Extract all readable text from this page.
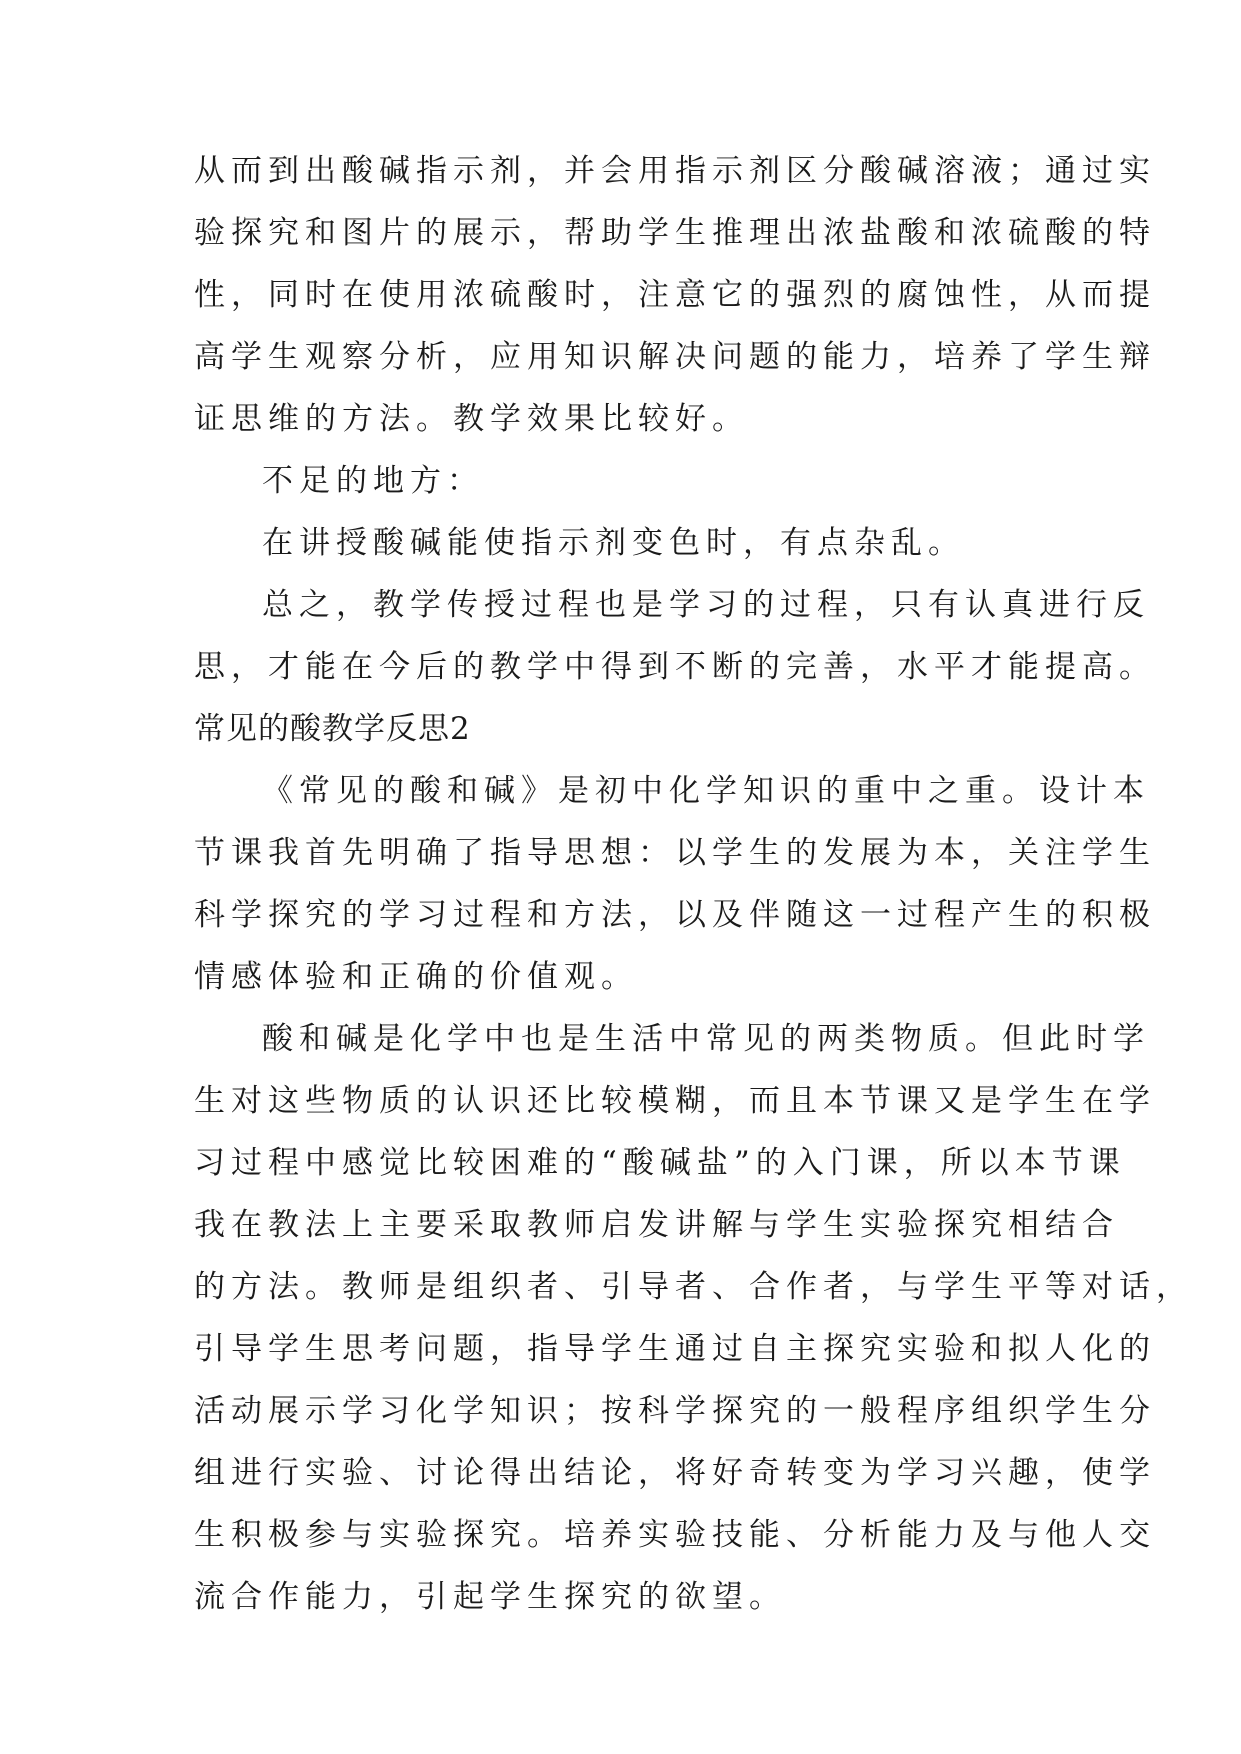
从而到出酸碱指示剂，并会用指示剂区分酸碱溶液；通过实
验探究和图片的展示，帮助学生推理出浓盐酸和浓硫酸的特
性，同时在使用浓硫酸时，注意它的强烈的腐蚀性，从而提
高学生观察分析，应用知识解决问题的能力，培养了学生辩
证思维的方法。教学效果比较好。
不足的地方：
在讲授酸碱能使指示剂变色时，有点杂乱。
总之，教学传授过程也是学习的过程，只有认真进行反
思，才能在今后的教学中得到不断的完善，水平才能提高。
常见的酸教学反思2
《常见的酸和碱》是初中化学知识的重中之重。设计本
节课我首先明确了指导思想：以学生的发展为本，关注学生
科学探究的学习过程和方法，以及伴随这一过程产生的积极
情感体验和正确的价值观。
酸和碱是化学中也是生活中常见的两类物质。但此时学
生对这些物质的认识还比较模糊，而且本节课又是学生在学
习过程中感觉比较困难的“酸碱盐”的入门课，所以本节课
我在教法上主要采取教师启发讲解与学生实验探究相结合
的方法。教师是组织者、引导者、合作者，与学生平等对话，
引导学生思考问题，指导学生通过自主探究实验和拟人化的
活动展示学习化学知识；按科学探究的一般程序组织学生分
组进行实验、讨论得出结论，将好奇转变为学习兴趣，使学
生积极参与实验探究。培养实验技能、分析能力及与他人交
流合作能力，引起学生探究的欲望。
